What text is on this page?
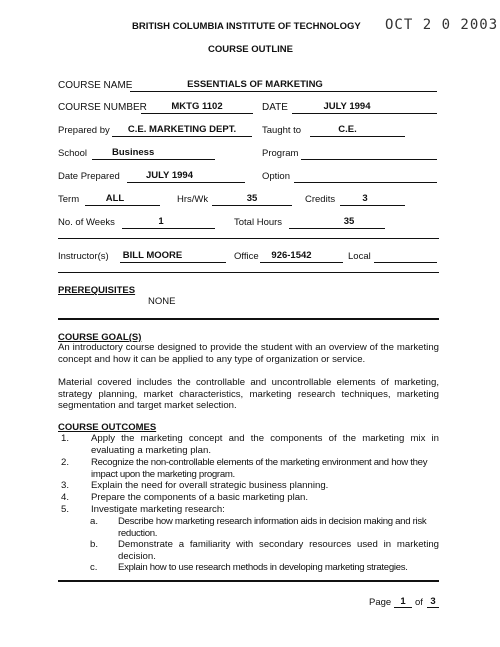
BRITISH COLUMBIA INSTITUTE OF TECHNOLOGY OCT 2 0 2003
COURSE OUTLINE
COURSE NAME	ESSENTIALS OF MARKETING
COURSE NUMBER	MKTG 1102	DATE	JULY 1994
Prepared by	C.E. MARKETING DEPT.	Taught to	C.E.
School	Business	Program
Date Prepared	JULY 1994	Option
Term	ALL	Hrs/Wk	35	Credits	3
No. of Weeks	1	Total Hours	35
Instructor(s) BILL MOORE	Office	926-1542	Local
PREREQUISITES
NONE
COURSE GOAL(S)
An introductory course designed to provide the student with an overview of the marketing concept and how it can be applied to any type of organization or service.
Material covered includes the controllable and uncontrollable elements of marketing, strategy planning, market characteristics, marketing research techniques, marketing segmentation and target market selection.
COURSE OUTCOMES
1. Apply the marketing concept and the components of the marketing mix in evaluating a marketing plan.
2. Recognize the non-controllable elements of the marketing environment and how they impact upon the marketing program.
3. Explain the need for overall strategic business planning.
4. Prepare the components of a basic marketing plan.
5. Investigate marketing research:
a. Describe how marketing research information aids in decision making and risk reduction.
b. Demonstrate a familiarity with secondary resources used in marketing decision.
c. Explain how to use research methods in developing marketing strategies.
Page 1 of 3
